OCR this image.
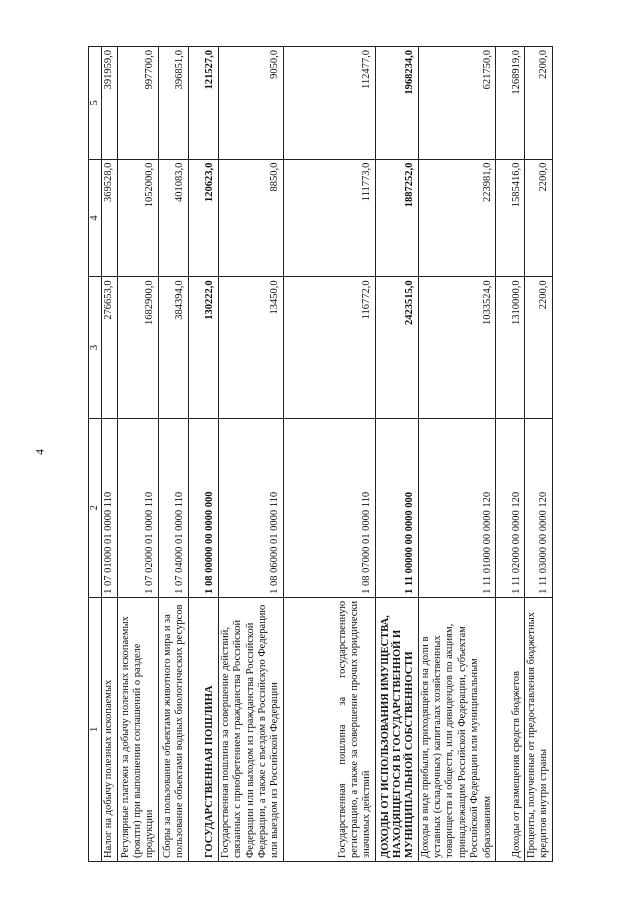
4
1	2	3	4	5
Налог на добычу полезных ископаемых	1 07 01000 01 0000 110	276653,0	369528,0	391959,0
Регулярные платежи за добычу полезных ископаемых (роялти) при выполнении соглашений о разделе продукции	1 07 02000 01 0000 110	1682900,0	1052000,0	997700,0
Сборы за пользование объектами животного мира и за пользование объектами водных биологических ресурсов	1 07 04000 01 0000 110	384394,0	401083,0	396851,0
ГОСУДАРСТВЕННАЯ ПОШЛИНА	1 08 00000 00 0000 000	130222,0	120623,0	121527,0
Государственная пошлина за совершение действий, связанных с приобретением гражданства Российской Федерации или выходом из гражданства Российской Федерации, а также с въездом в Российскую Федерацию или выездом из Российской Федерации	1 08 06000 01 0000 110	13450,0	8850,0	9050,0
Государственная пошлина за государственную регистрацию, а также за совершение прочих юридически значимых действий	1 08 07000 01 0000 110	116772,0	111773,0	112477,0
ДОХОДЫ ОТ ИСПОЛЬЗОВАНИЯ ИМУЩЕСТВА, НАХОДЯЩЕГОСЯ В ГОСУДАРСТВЕННОЙ И МУНИЦИПАЛЬНОЙ СОБСТВЕННОСТИ	1 11 00000 00 0000 000	2423515,0	1887252,0	1968234,0
Доходы в виде прибыли, приходящейся на доли в уставных (складочных) капиталах хозяйственных товариществ и обществ, или дивидендов по акциям, принадлежащим Российской Федерации, субъектам Российской Федерации или муниципальным образованиям	1 11 01000 00 0000 120	1033524,0	223981,0	621750,0
Доходы от размещения средств бюджетов	1 11 02000 00 0000 120	1310000,0	1585416,0	1268919,0
Проценты, полученные от предоставления бюджетных кредитов внутри страны	1 11 03000 00 0000 120	2200,0	2200,0	2200,0
